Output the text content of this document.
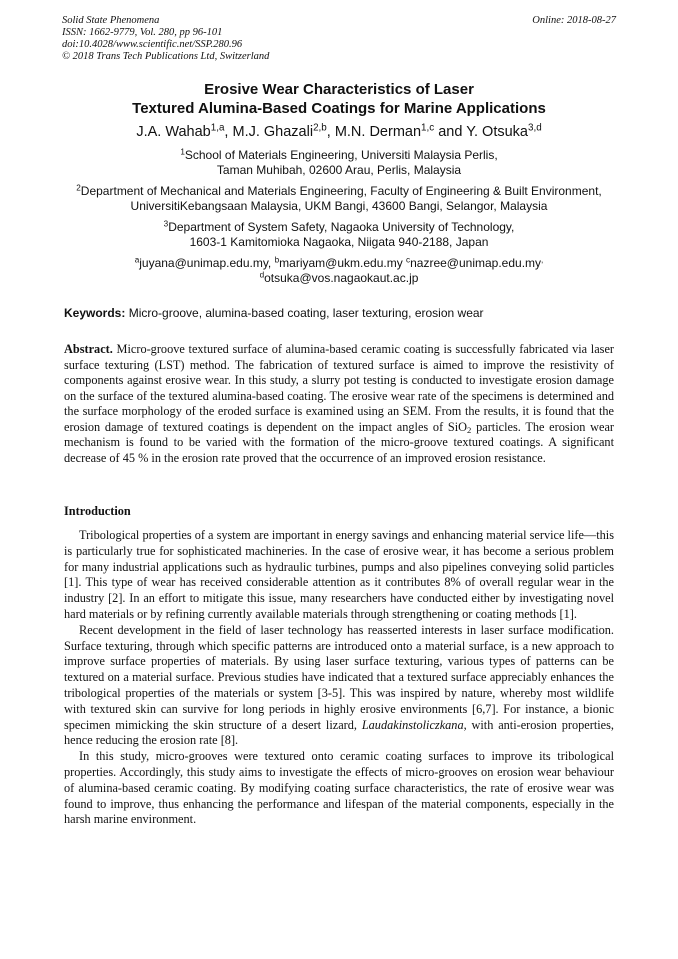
Solid State Phenomena
ISSN: 1662-9779, Vol. 280, pp 96-101
doi:10.4028/www.scientific.net/SSP.280.96
© 2018 Trans Tech Publications Ltd, Switzerland
Online: 2018-08-27
Erosive Wear Characteristics of Laser
Textured Alumina-Based Coatings for Marine Applications
J.A. Wahab$^{1,a}$, M.J. Ghazali$^{2,b}$, M.N. Derman$^{1,c}$ and Y. Otsuka$^{3,d}$
$^1$School of Materials Engineering, Universiti Malaysia Perlis,
Taman Muhibah, 02600 Arau, Perlis, Malaysia
$^2$Department of Mechanical and Materials Engineering, Faculty of Engineering & Built Environment,
UniversitiKebangsaan Malaysia, UKM Bangi, 43600 Bangi, Selangor, Malaysia
$^3$Department of System Safety, Nagaoka University of Technology,
1603-1 Kamitomioka Nagaoka, Niigata 940-2188, Japan
$^a$juyana@unimap.edu.my, $^b$mariyam@ukm.edu.my $^c$nazree@unimap.edu.my,
$^d$otsuka@vos.nagaokaut.ac.jp
Keywords: Micro-groove, alumina-based coating, laser texturing, erosion wear

Abstract. Micro-groove textured surface of alumina-based ceramic coating is successfully fabricated via laser surface texturing (LST) method. The fabrication of textured surface is aimed to improve the resistivity of components against erosive wear. In this study, a slurry pot testing is conducted to investigate erosion damage on the surface of the textured alumina-based coating. The erosive wear rate of the specimens is determined and the surface morphology of the eroded surface is examined using an SEM. From the results, it is found that the erosion damage of textured coatings is dependent on the impact angles of SiO$_2$ particles. The erosion wear mechanism is found to be varied with the formation of the micro-groove textured coatings. A significant decrease of 45 % in the erosion rate proved that the occurrence of an improved erosion resistance.

Introduction

Tribological properties of a system are important in energy savings and enhancing material service life—this is particularly true for sophisticated machineries. In the case of erosive wear, it has become a serious problem for many industrial applications such as hydraulic turbines, pumps and also pipelines conveying solid particles [1]. This type of wear has received considerable attention as it contributes 8% of overall regular wear in the industry [2]. In an effort to mitigate this issue, many researchers have conducted either by investigating novel hard materials or by refining currently available materials through strengthening or coating methods [1].

Recent development in the field of laser technology has reasserted interests in laser surface modification. Surface texturing, through which specific patterns are introduced onto a material surface, is a new approach to improve surface properties of materials. By using laser surface texturing, various types of patterns can be textured on a material surface. Previous studies have indicated that a textured surface appreciably enhances the tribological properties of the materials or system [3-5]. This was inspired by nature, whereby most wildlife with textured skin can survive for long periods in highly erosive environments [6,7]. For instance, a bionic specimen mimicking the skin structure of a desert lizard, Laudakinstoliczkana, with anti-erosion properties, hence reducing the erosion rate [8].

In this study, micro-grooves were textured onto ceramic coating surfaces to improve its tribological properties. Accordingly, this study aims to investigate the effects of micro-grooves on erosion wear behaviour of alumina-based ceramic coating. By modifying coating surface characteristics, the rate of erosive wear was found to improve, thus enhancing the performance and lifespan of the material components, especially in the harsh marine environment.
